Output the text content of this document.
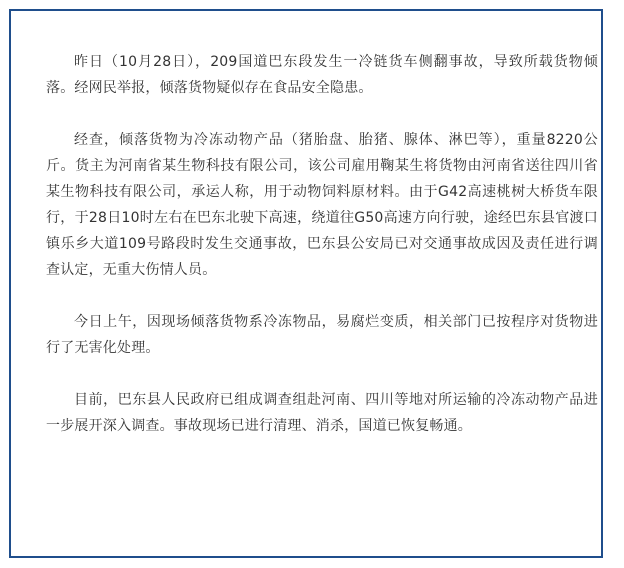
昨日（10月28日），209国道巴东段发生一冷链货车侧翻事故，导致所载货物倾落。经网民举报，倾落货物疑似存在食品安全隐患。

经查，倾落货物为冷冻动物产品（猪胎盘、胎猪、腺体、淋巴等），重量8220公斤。货主为河南省某生物科技有限公司，该公司雇用鞠某生将货物由河南省送往四川省某生物科技有限公司，承运人称，用于动物饲料原材料。由于G42高速桃树大桥货车限行，于28日10时左右在巴东北驶下高速，绕道往G50高速方向行驶，途经巴东县官渡口镇乐乡大道109号路段时发生交通事故，巴东县公安局已对交通事故成因及责任进行调查认定，无重大伤情人员。

今日上午，因现场倾落货物系冷冻物品，易腐烂变质，相关部门已按程序对货物进行了无害化处理。

目前，巴东县人民政府已组成调查组赴河南、四川等地对所运输的冷冻动物产品进一步展开深入调查。事故现场已进行清理、消杀，国道已恢复畅通。
